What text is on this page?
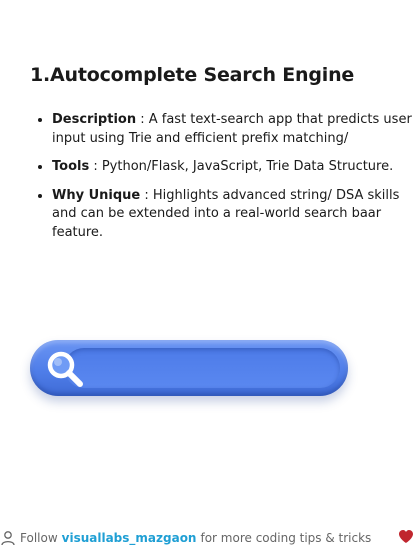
1.Autocomplete Search Engine
• Description : A fast text-search app that predicts user input using Trie and efficient prefix matching/
• Tools : Python/Flask, JavaScript, Trie Data Structure.
• Why Unique : Highlights advanced string/ DSA skills and can be extended into a real-world search baar feature.
Follow visuallabs_mazgaon for more coding tips & tricks
